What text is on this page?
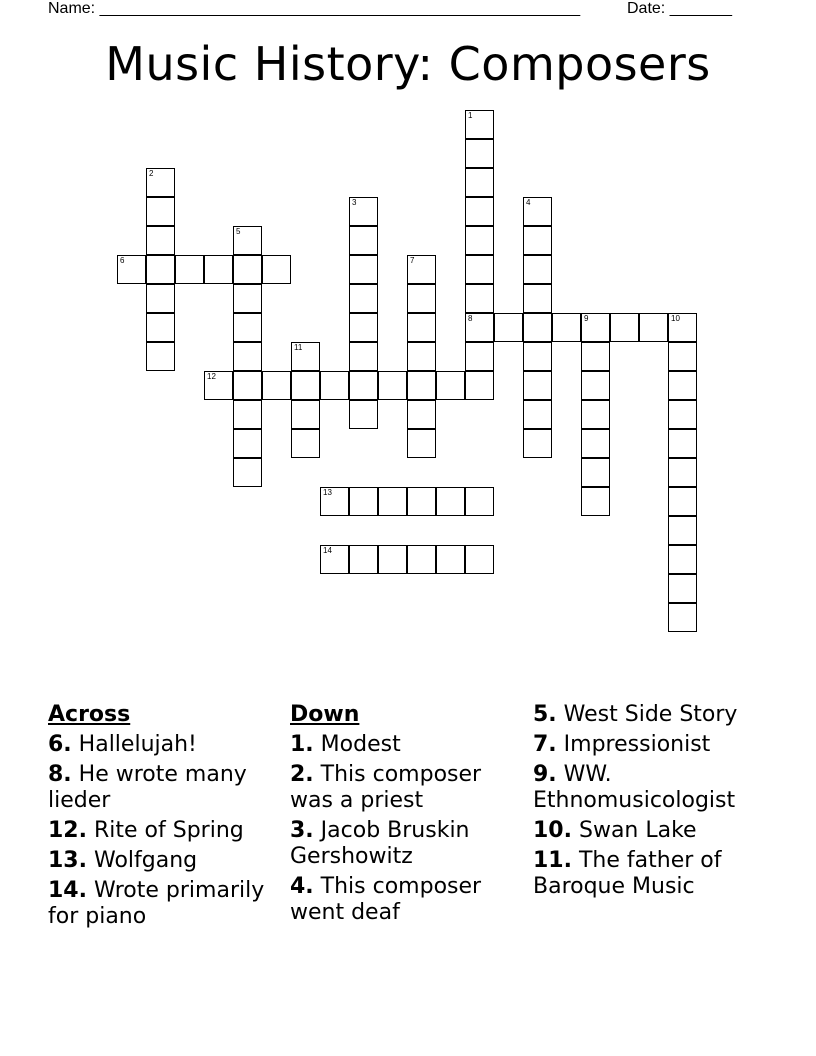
Name: ______________________________________________________	Date: _______
Music History: Composers
1
8
2
3	4
5
6	7
9	10
11
12
13
14
Across
6. Hallelujah!
8. He wrote many lieder
12. Rite of Spring
13. Wolfgang
14. Wrote primarily for piano
Down
1. Modest
2. This composer was a priest
3. Jacob Bruskin Gershowitz
4. This composer went deaf
5. West Side Story
7. Impressionist
9. WW. Ethnomusicologist
10. Swan Lake
11. The father of Baroque Music
